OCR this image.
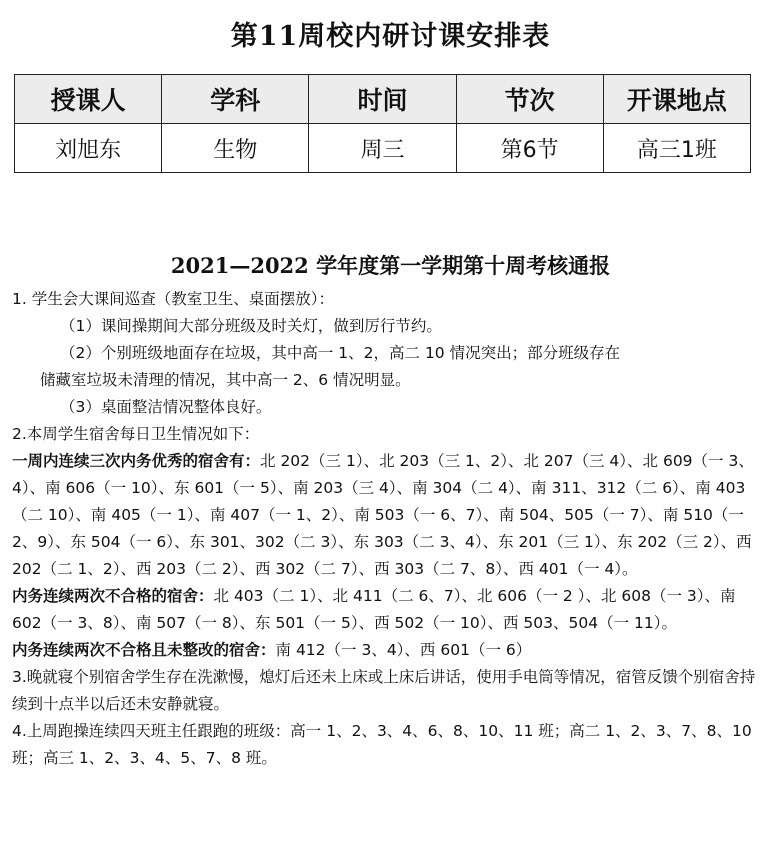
第11周校内研讨课安排表
授课人	学科	时间	节次	开课地点
刘旭东	生物	周三	第6节	高三1班
2021—2022 学年度第一学期第十周考核通报

1. 学生会大课间巡查（教室卫生、桌面摆放）：

（1）课间操期间大部分班级及时关灯，做到厉行节约。

（2）个别班级地面存在垃圾，其中高一 1、2，高二 10 情况突出；部分班级存在
储藏室垃圾未清理的情况，其中高一 2、6 情况明显。

（3）桌面整洁情况整体良好。

2.本周学生宿舍每日卫生情况如下：

一周内连续三次内务优秀的宿舍有：北 202（三 1）、北 203（三 1、2）、北 207（三 4）、北 609（一 3、4）、南 606（一 10）、东 601（一 5）、南 203（三 4）、南 304（二 4）、南 311、312（二 6）、南 403（二 10）、南 405（一 1）、南 407（一 1、2）、南 503（一 6、7）、南 504、505（一 7）、南 510（一 2、9）、东 504（一 6）、东 301、302（二 3）、东 303（二 3、4）、东 201（三 1）、东 202（三 2）、西 202（二 1、2）、西 203（二 2）、西 302（二 7）、西 303（二 7、8）、西 401（一 4）。

内务连续两次不合格的宿舍：北 403（二 1）、北 411（二 6、7）、北 606（一 2 ）、北 608（一 3）、南 602（一 3、8）、南 507（一 8）、东 501（一 5）、西 502（一 10）、西 503、504（一 11）。

内务连续两次不合格且未整改的宿舍：南 412（一 3、4）、西 601（一 6）

3.晚就寝个别宿舍学生存在洗漱慢，熄灯后还未上床或上床后讲话，使用手电筒等情况，宿管反馈个别宿舍持续到十点半以后还未安静就寝。

4.上周跑操连续四天班主任跟跑的班级：高一 1、2、3、4、6、8、10、11 班；高二 1、2、3、7、8、10 班；高三 1、2、3、4、5、7、8 班。
